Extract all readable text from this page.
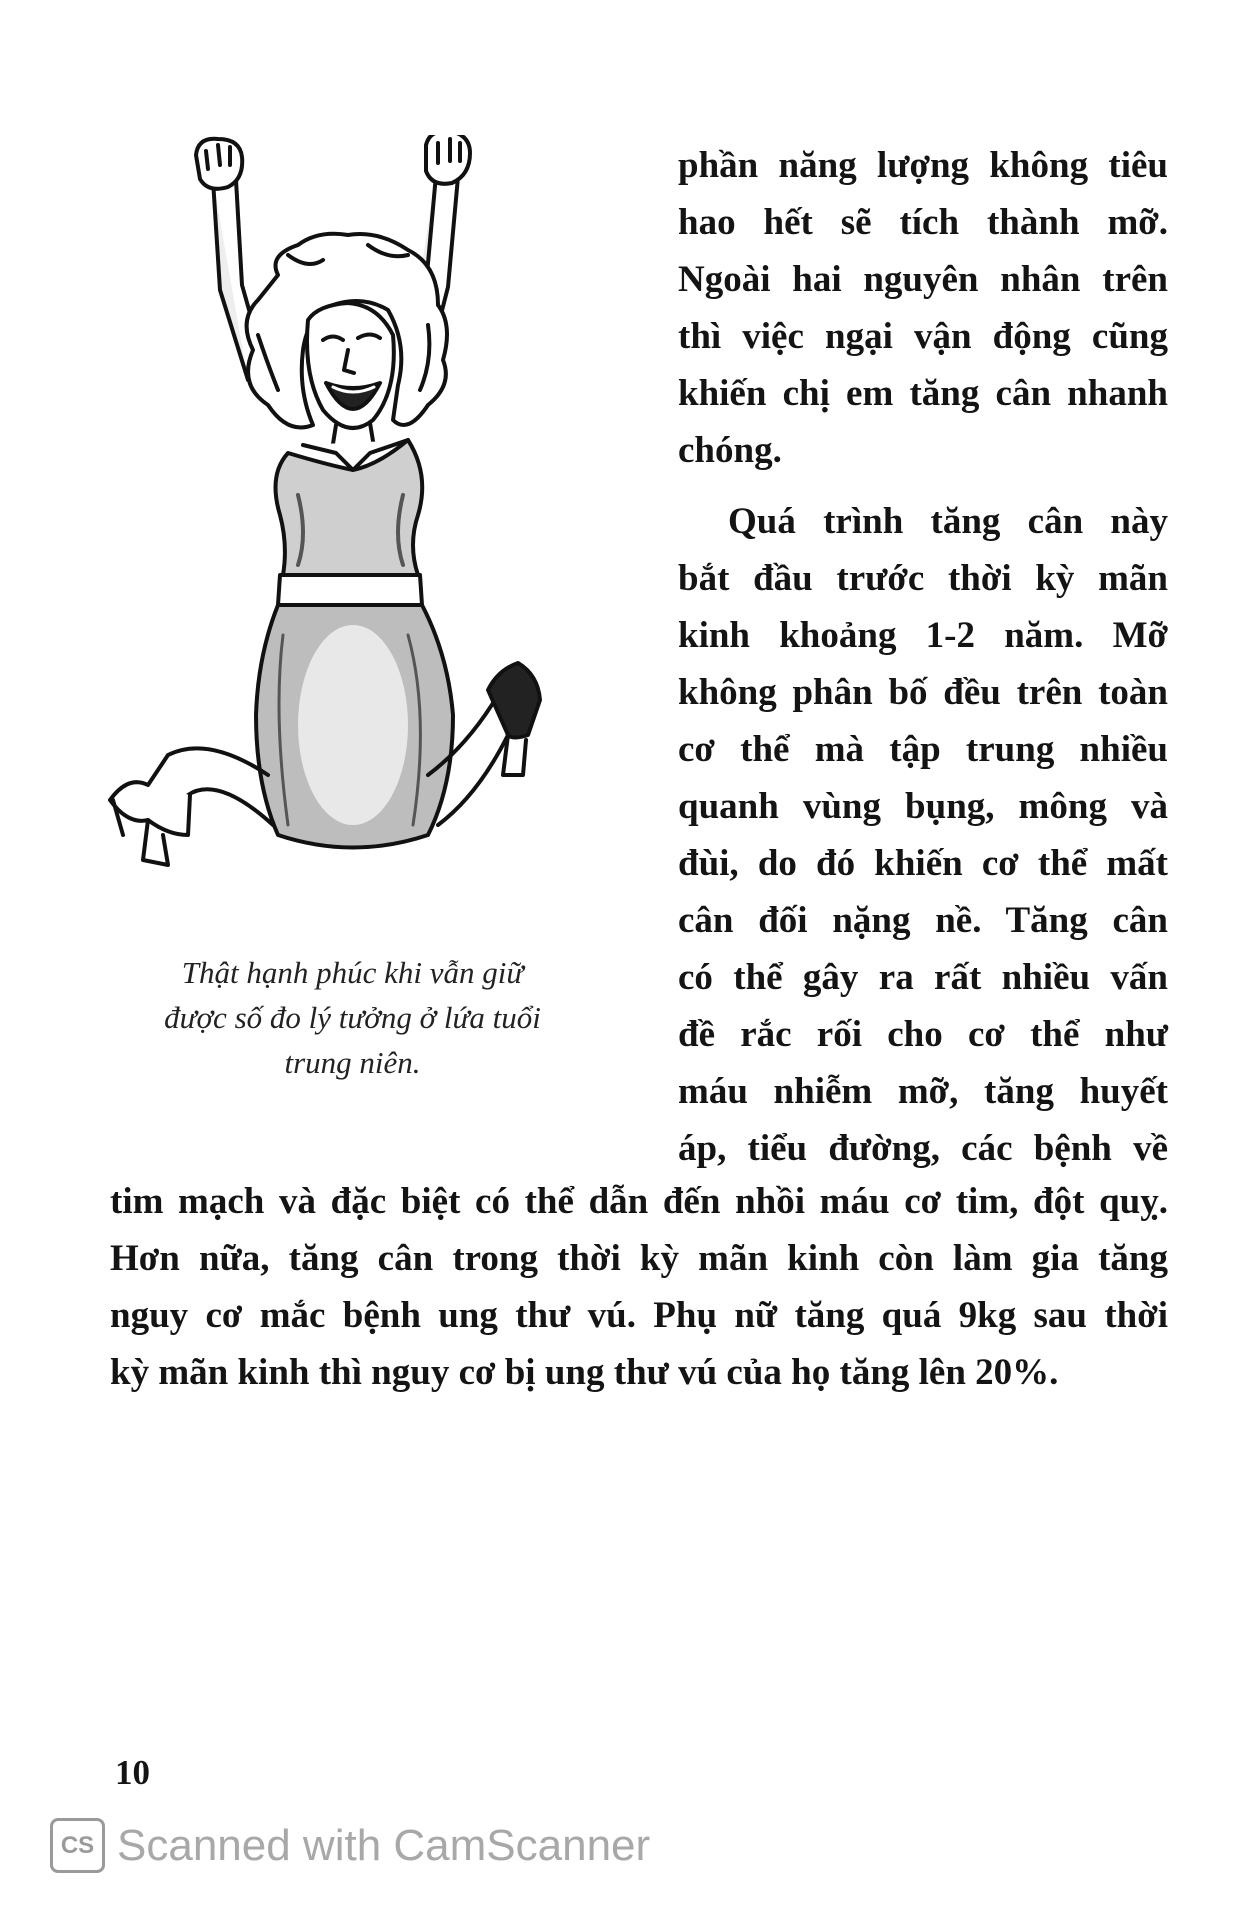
Thật hạnh phúc khi vẫn giữ
được số đo lý tưởng ở lứa tuổi
trung niên.
phần năng lượng không tiêu
hao hết sẽ tích thành mỡ.
Ngoài hai nguyên nhân trên
thì việc ngại vận động cũng
khiến chị em tăng cân nhanh
chóng.
Quá trình tăng cân này
bắt đầu trước thời kỳ mãn
kinh khoảng 1-2 năm. Mỡ
không phân bố đều trên toàn
cơ thể mà tập trung nhiều
quanh vùng bụng, mông và
đùi, do đó khiến cơ thể mất
cân đối nặng nề. Tăng cân
có thể gây ra rất nhiều vấn
đề rắc rối cho cơ thể như
máu nhiễm mỡ, tăng huyết
áp, tiểu đường, các bệnh về
tim mạch và đặc biệt có thể dẫn đến nhồi máu cơ tim, đột quỵ.
Hơn nữa, tăng cân trong thời kỳ mãn kinh còn làm gia tăng
nguy cơ mắc bệnh ung thư vú. Phụ nữ tăng quá 9kg sau thời
kỳ mãn kinh thì nguy cơ bị ung thư vú của họ tăng lên 20%.
10
CS Scanned with CamScanner
